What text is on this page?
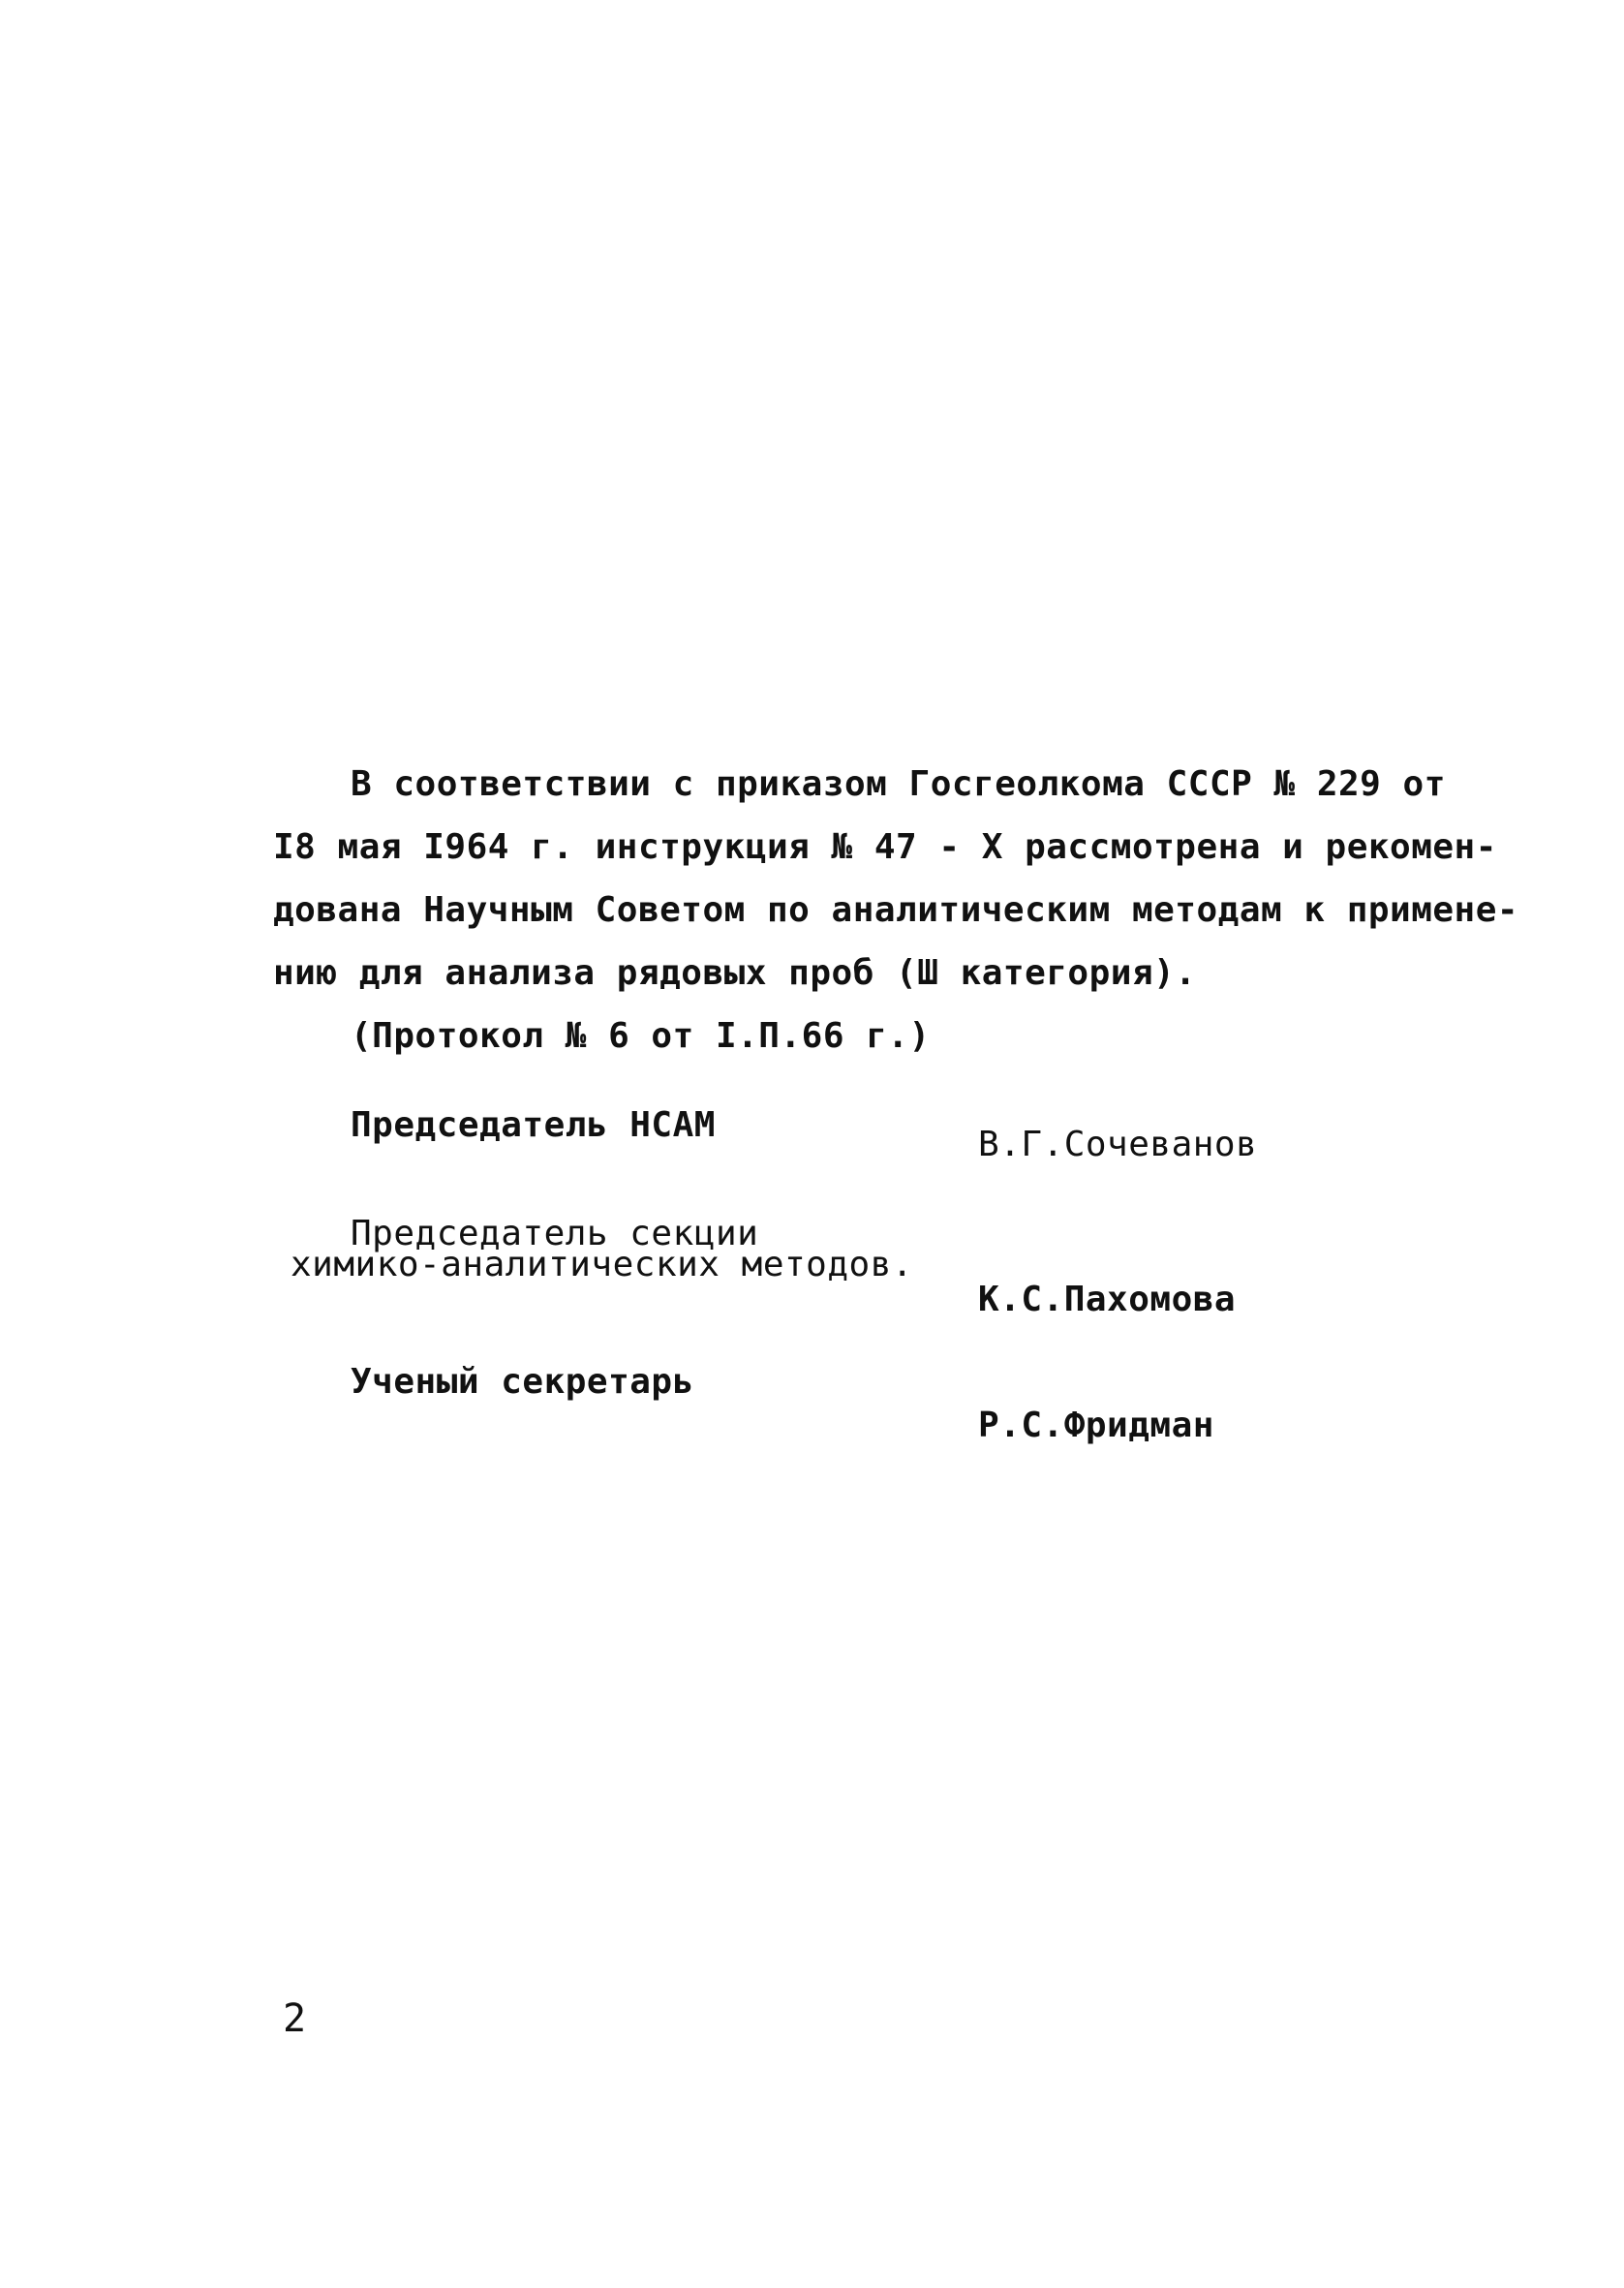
В соответствии с приказом Госгеолкома СССР № 229 от
I8 мая I964 г. инструкция № 47 - Х рассмотрена и рекомен-
дована Научным Советом по аналитическим методам к примене-
нию для анализа рядовых проб (Ш категория).
(Протокол № 6 от I.П.66 г.)
Председатель НСАМ	В.Г.Сочеванов
Председатель секции
химико-аналитических методов.
К.С.Пахомова
Ученый секретарь
Р.С.Фридман
2
